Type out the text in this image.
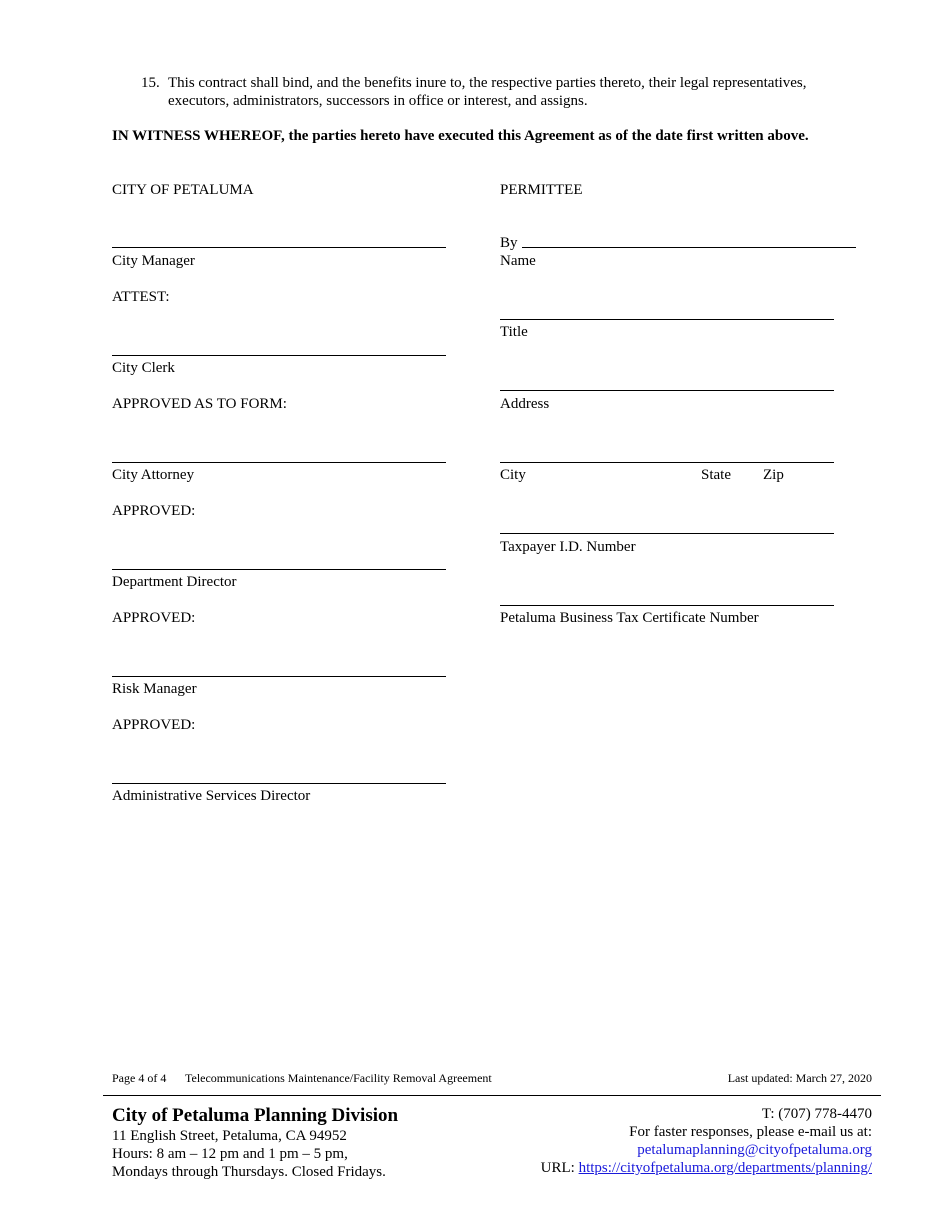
15. This contract shall bind, and the benefits inure to, the respective parties thereto, their legal representatives,
executors, administrators, successors in office or interest, and assigns.
IN WITNESS WHEREOF, the parties hereto have executed this Agreement as of the date first written above.
CITY OF PETALUMA
City Manager
ATTEST:
City Clerk
APPROVED AS TO FORM:
City Attorney
APPROVED:
Department Director
APPROVED:
Risk Manager
APPROVED:
Administrative Services Director
PERMITTEE
By
Name
Title
Address
City	State Zip
Taxpayer I.D. Number
Petaluma Business Tax Certificate Number
Page 4 of 4 Telecommunications Maintenance/Facility Removal Agreement	Last updated: March 27, 2020
City of Petaluma Planning Division
11 English Street, Petaluma, CA 94952
Hours: 8 am – 12 pm and 1 pm – 5 pm,
Mondays through Thursdays. Closed Fridays.
T: (707) 778-4470
For faster responses, please e-mail us at:
petalumaplanning@cityofpetaluma.org
URL: https://cityofpetaluma.org/departments/planning/
